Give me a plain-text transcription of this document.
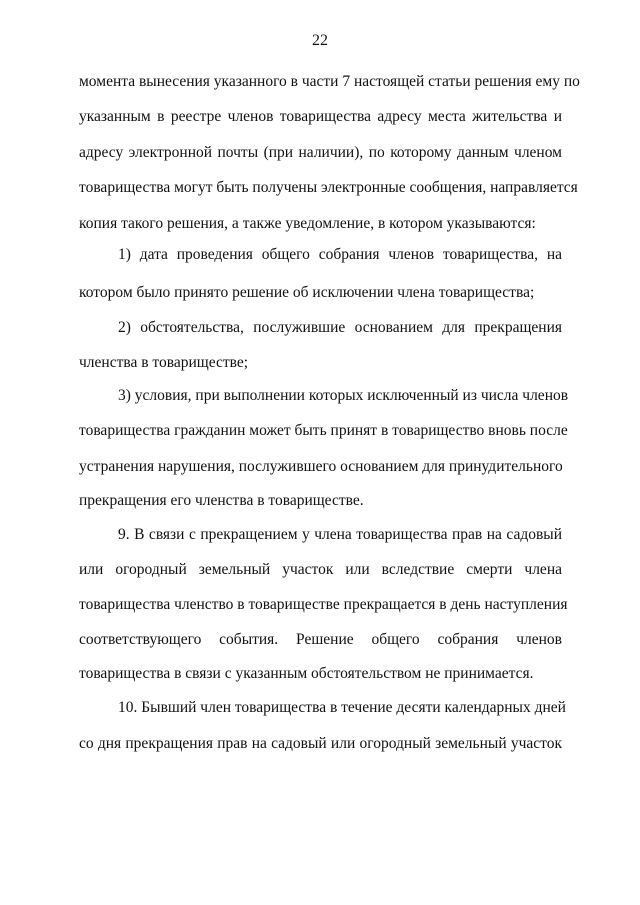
22
момента вынесения указанного в части 7 настоящей статьи решения ему по
указанным в реестре членов товарищества адресу места жительства и
адресу электронной почты (при наличии), по которому данным членом
товарищества могут быть получены электронные сообщения, направляется
копия такого решения, а также уведомление, в котором указываются:
1) дата проведения общего собрания членов товарищества, на
котором было принято решение об исключении члена товарищества;
2) обстоятельства, послужившие основанием для прекращения
членства в товариществе;
3) условия, при выполнении которых исключенный из числа членов
товарищества гражданин может быть принят в товарищество вновь после
устранения нарушения, послужившего основанием для принудительного
прекращения его членства в товариществе.
9. В связи с прекращением у члена товарищества прав на садовый
или огородный земельный участок или вследствие смерти члена
товарищества членство в товариществе прекращается в день наступления
соответствующего события. Решение общего собрания членов
товарищества в связи с указанным обстоятельством не принимается.
10. Бывший член товарищества в течение десяти календарных дней
со дня прекращения прав на садовый или огородный земельный участок
